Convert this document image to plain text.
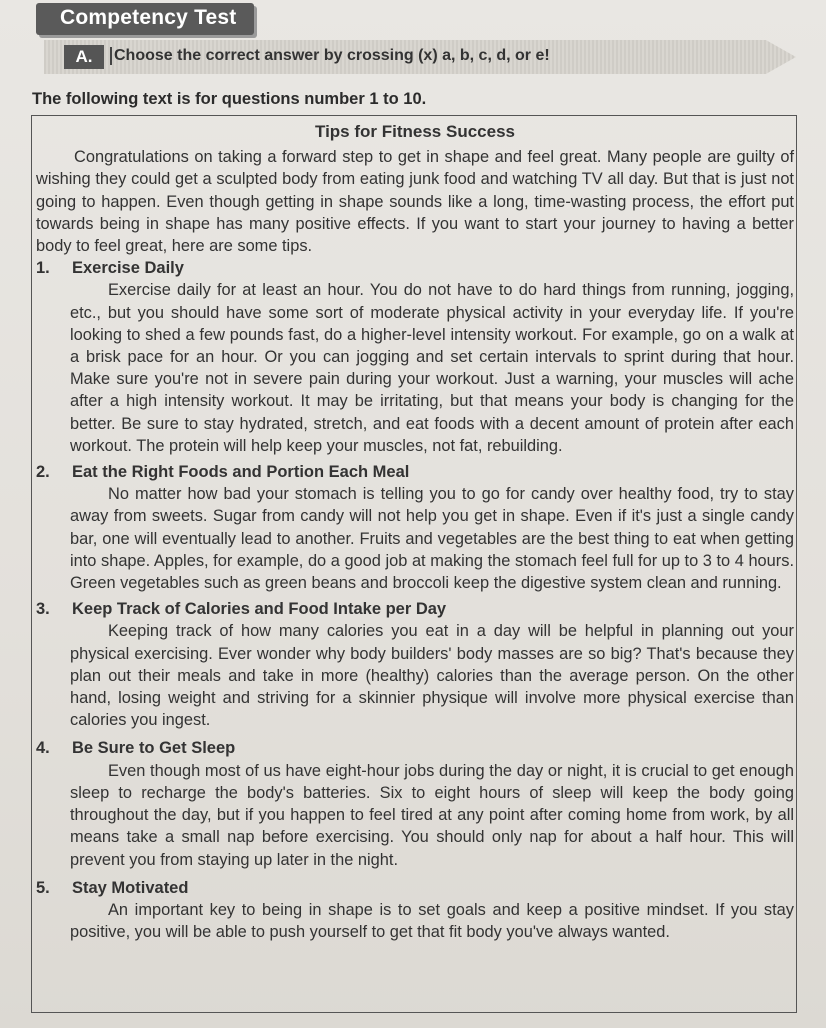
Competency Test
A.	Choose the correct answer by crossing (x) a, b, c, d, or e!
The following text is for questions number 1 to 10.
Tips for Fitness Success

Congratulations on taking a forward step to get in shape and feel great. Many people are guilty of wishing they could get a sculpted body from eating junk food and watching TV all day. But that is just not going to happen. Even though getting in shape sounds like a long, time-wasting process, the effort put towards being in shape has many positive effects. If you want to start your journey to having a better body to feel great, here are some tips.

1.	Exercise Daily

Exercise daily for at least an hour. You do not have to do hard things from running, jogging, etc., but you should have some sort of moderate physical activity in your everyday life. If you're looking to shed a few pounds fast, do a higher-level intensity workout. For example, go on a walk at a brisk pace for an hour. Or you can jogging and set certain intervals to sprint during that hour. Make sure you're not in severe pain during your workout. Just a warning, your muscles will ache after a high intensity workout. It may be irritating, but that means your body is changing for the better. Be sure to stay hydrated, stretch, and eat foods with a decent amount of protein after each workout. The protein will help keep your muscles, not fat, rebuilding.

2.	Eat the Right Foods and Portion Each Meal

No matter how bad your stomach is telling you to go for candy over healthy food, try to stay away from sweets. Sugar from candy will not help you get in shape. Even if it's just a single candy bar, one will eventually lead to another. Fruits and vegetables are the best thing to eat when getting into shape. Apples, for example, do a good job at making the stomach feel full for up to 3 to 4 hours. Green vegetables such as green beans and broccoli keep the digestive system clean and running.

3.	Keep Track of Calories and Food Intake per Day

Keeping track of how many calories you eat in a day will be helpful in planning out your physical exercising. Ever wonder why body builders' body masses are so big? That's because they plan out their meals and take in more (healthy) calories than the average person. On the other hand, losing weight and striving for a skinnier physique will involve more physical exercise than calories you ingest.

4.	Be Sure to Get Sleep

Even though most of us have eight-hour jobs during the day or night, it is crucial to get enough sleep to recharge the body's batteries. Six to eight hours of sleep will keep the body going throughout the day, but if you happen to feel tired at any point after coming home from work, by all means take a small nap before exercising. You should only nap for about a half hour. This will prevent you from staying up later in the night.

5.	Stay Motivated

An important key to being in shape is to set goals and keep a positive mindset. If you stay positive, you will be able to push yourself to get that fit body you've always wanted.
